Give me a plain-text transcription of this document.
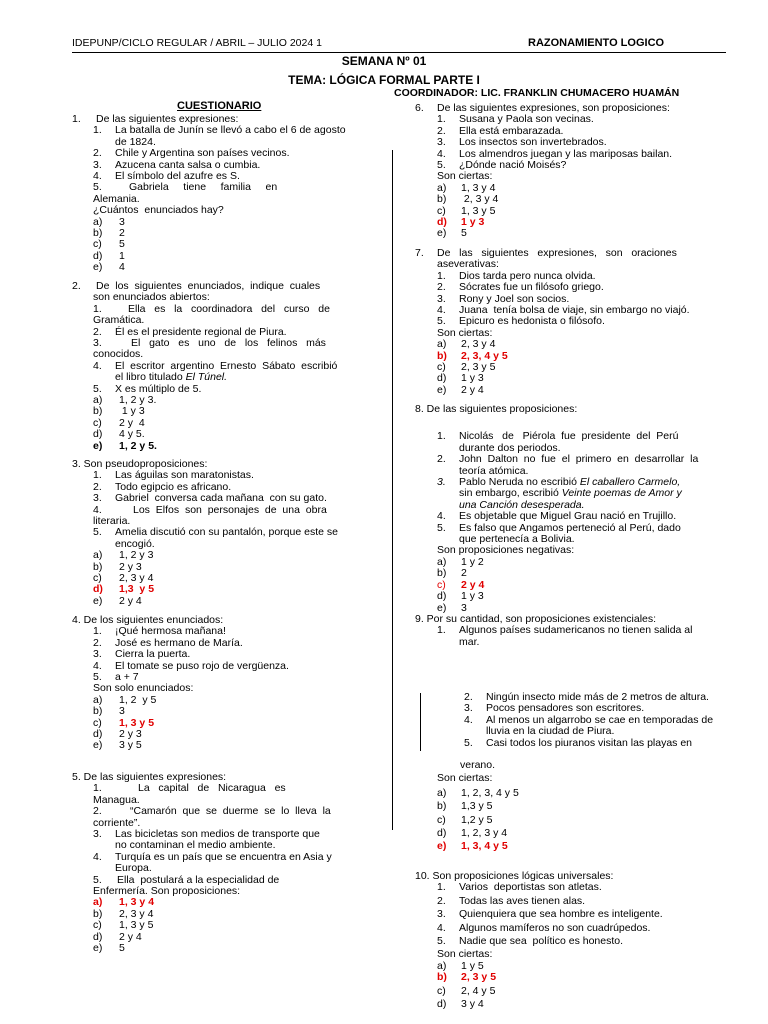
IDEPUNP/CICLO REGULAR / ABRIL – JULIO 2024 1	RAZONAMIENTO LOGICO
SEMANA Nº 01
TEMA: LÓGICA FORMAL PARTE I
COORDINADOR: LIC. FRANKLIN CHUMACERO HUAMÁN
CUESTIONARIO
1. De las siguientes expresiones:
1. La batalla de Junín se llevó a cabo el 6 de agosto
de 1824.
2. Chile y Argentina son países vecinos.
3. Azucena canta salsa o cumbia.
4. El símbolo del azufre es S.
5.	Gabriela     tiene     familia     en
Alemania.
¿Cuántos  enunciados hay?
a) 3
b) 2
c) 5
d) 1
e) 4
2. De  los  siguientes  enunciados,  indique  cuales
son enunciados abiertos:
1. Ella   es   la   coordinadora   del   curso   de
Gramática.
2. Él es el presidente regional de Piura.
3.	El   gato   es   uno   de   los   felinos   más
conocidos.
4. El  escritor  argentino  Ernesto  Sábato  escribió
el libro titulado El Túnel.
5. X es múltiplo de 5.
a) 1, 2 y 3.
b) 1 y 3
c) 2 y  4
d) 4 y 5.
e) 1, 2 y 5.
3. Son pseudoproposiciones:
1. Las águilas son maratonistas.
2. Todo egipcio es africano.
3. Gabriel  conversa cada mañana  con su gato.
4.	Los  Elfos  son  personajes  de  una  obra
literaria.
5. Amelia discutió con su pantalón, porque este se
encogió.
a) 1, 2 y 3
b) 2 y 3
c) 2, 3 y 4
d) 1,3  y 5
e) 2 y 4
4. De los siguientes enunciados:
1. ¡Qué hermosa mañana!
2. José es hermano de María.
3. Cierra la puerta.
4. El tomate se puso rojo de vergüenza.
5. a + 7
Son solo enunciados:
a) 1, 2  y 5
b) 3
c) 1, 3 y 5
d) 2 y 3
e) 3 y 5
5. De las siguientes expresiones:
1.	La   capital   de   Nicaragua   es
Managua.
2.	“Camarón  que  se  duerme  se  lo  lleva  la
corriente”.
3. Las bicicletas son medios de transporte que
no contaminan el medio ambiente.
4. Turquía es un país que se encuentra en Asia y
Europa.
5. Ella  postulará a la especialidad de
Enfermería. Son proposiciones:
a) 1, 3 y 4
b) 2, 3 y 4
c) 1, 3 y 5
d) 2 y 4
e) 5
6. De las siguientes expresiones, son proposiciones:
1. Susana y Paola son vecinas.
2. Ella está embarazada.
3. Los insectos son invertebrados.
4. Los almendros juegan y las mariposas bailan.
5. ¿Dónde nació Moisés?
Son ciertas:
a) 1, 3 y 4
b) 2, 3 y 4
c) 1, 3 y 5
d) 1 y 3
e) 5
7. De   las   siguientes   expresiones,   son   oraciones
aseverativas:
1. Dios tarda pero nunca olvida.
2. Sócrates fue un filósofo griego.
3. Rony y Joel son socios.
4. Juana  tenía bolsa de viaje, sin embargo no viajó.
5. Epicuro es hedonista o filósofo.
Son ciertas:
a) 2, 3 y 4
b) 2, 3, 4 y 5
c) 2, 3 y 5
d) 1 y 3
e) 2 y 4
8. De las siguientes proposiciones:
1. Nicolás   de   Piérola  fue  presidente  del  Perú
durante dos periodos.
2. John  Dalton  no  fue  el  primero  en  desarrollar  la
teoría atómica.
3. Pablo Neruda no escribió El caballero Carmelo,
sin embargo, escribió Veinte poemas de Amor y
una Canción desesperada.
4. Es objetable que Miguel Grau nació en Trujillo.
5. Es falso que Angamos perteneció al Perú, dado
que pertenecía a Bolivia.
Son proposiciones negativas:
a) 1 y 2
b) 2
c) 2 y 4
d) 1 y 3
e) 3
9. Por su cantidad, son proposiciones existenciales:
1. Algunos países sudamericanos no tienen salida al
mar.
2. Ningún insecto mide más de 2 metros de altura.
3. Pocos pensadores son escritores.
4. Al menos un algarrobo se cae en temporadas de
lluvia en la ciudad de Piura.
5. Casi todos los piuranos visitan las playas en
verano.
Son ciertas:
a) 1, 2, 3, 4 y 5
b) 1,3 y 5
c) 1,2 y 5
d) 1, 2, 3 y 4
e) 1, 3, 4 y 5
10. Son proposiciones lógicas universales:
1. Varios  deportistas son atletas.
2. Todas las aves tienen alas.
3. Quienquiera que sea hombre es inteligente.
4. Algunos mamíferos no son cuadrúpedos.
5. Nadie que sea  político es honesto.
Son ciertas:
a) 1 y 5
b) 2, 3 y 5
c) 2, 4 y 5
d) 3 y 4
